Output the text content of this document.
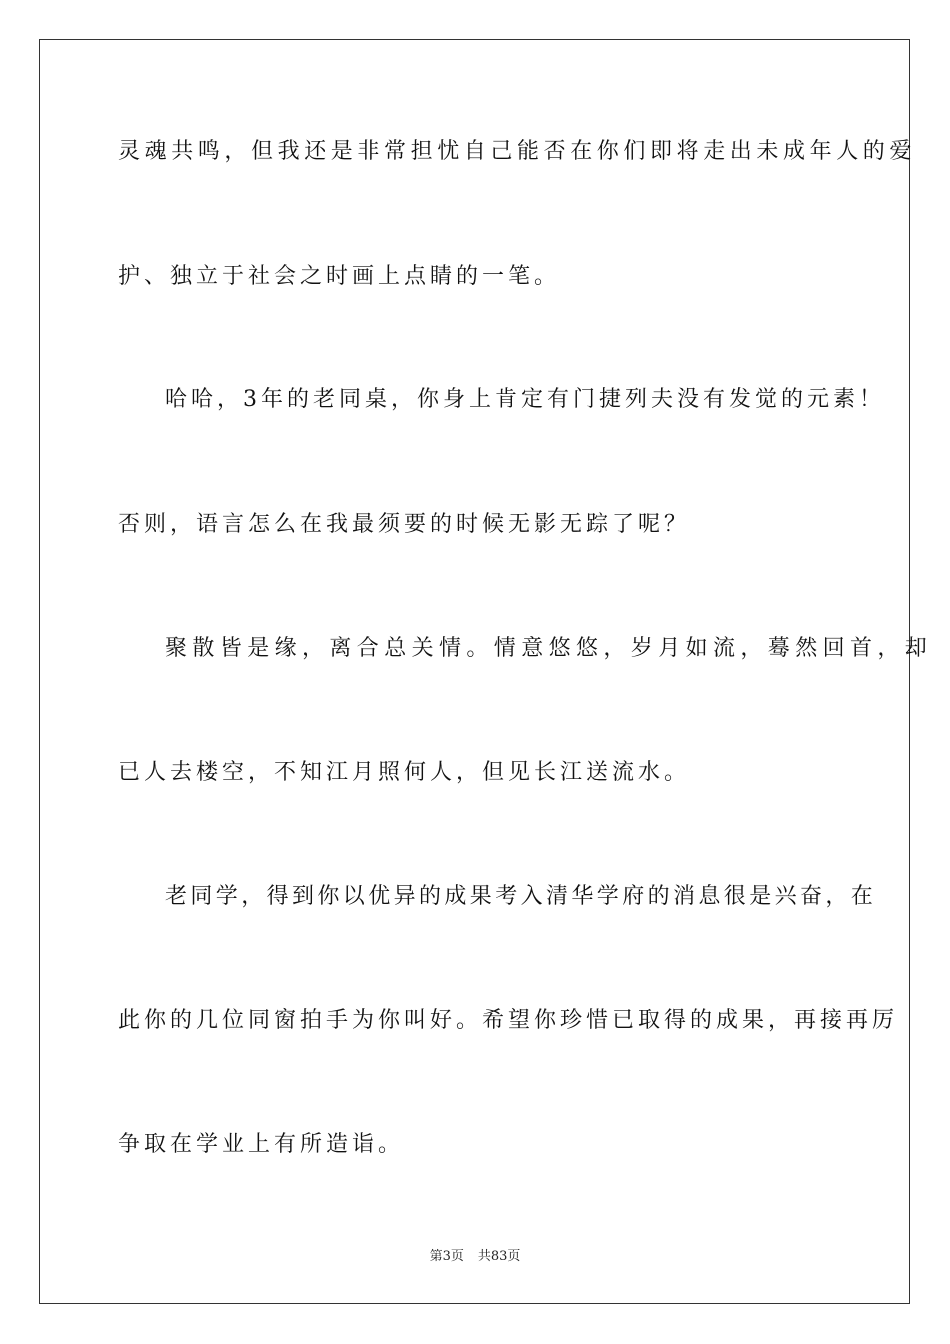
灵魂共鸣，但我还是非常担忧自己能否在你们即将走出未成年人的爱
护、独立于社会之时画上点睛的一笔。
哈哈，3年的老同桌，你身上肯定有门捷列夫没有发觉的元素！
否则，语言怎么在我最须要的时候无影无踪了呢？
聚散皆是缘，离合总关情。情意悠悠，岁月如流，蓦然回首，却
已人去楼空，不知江月照何人，但见长江送流水。
老同学，得到你以优异的成果考入清华学府的消息很是兴奋，在
此你的几位同窗拍手为你叫好。希望你珍惜已取得的成果，再接再厉
争取在学业上有所造诣。
第3页 共83页
